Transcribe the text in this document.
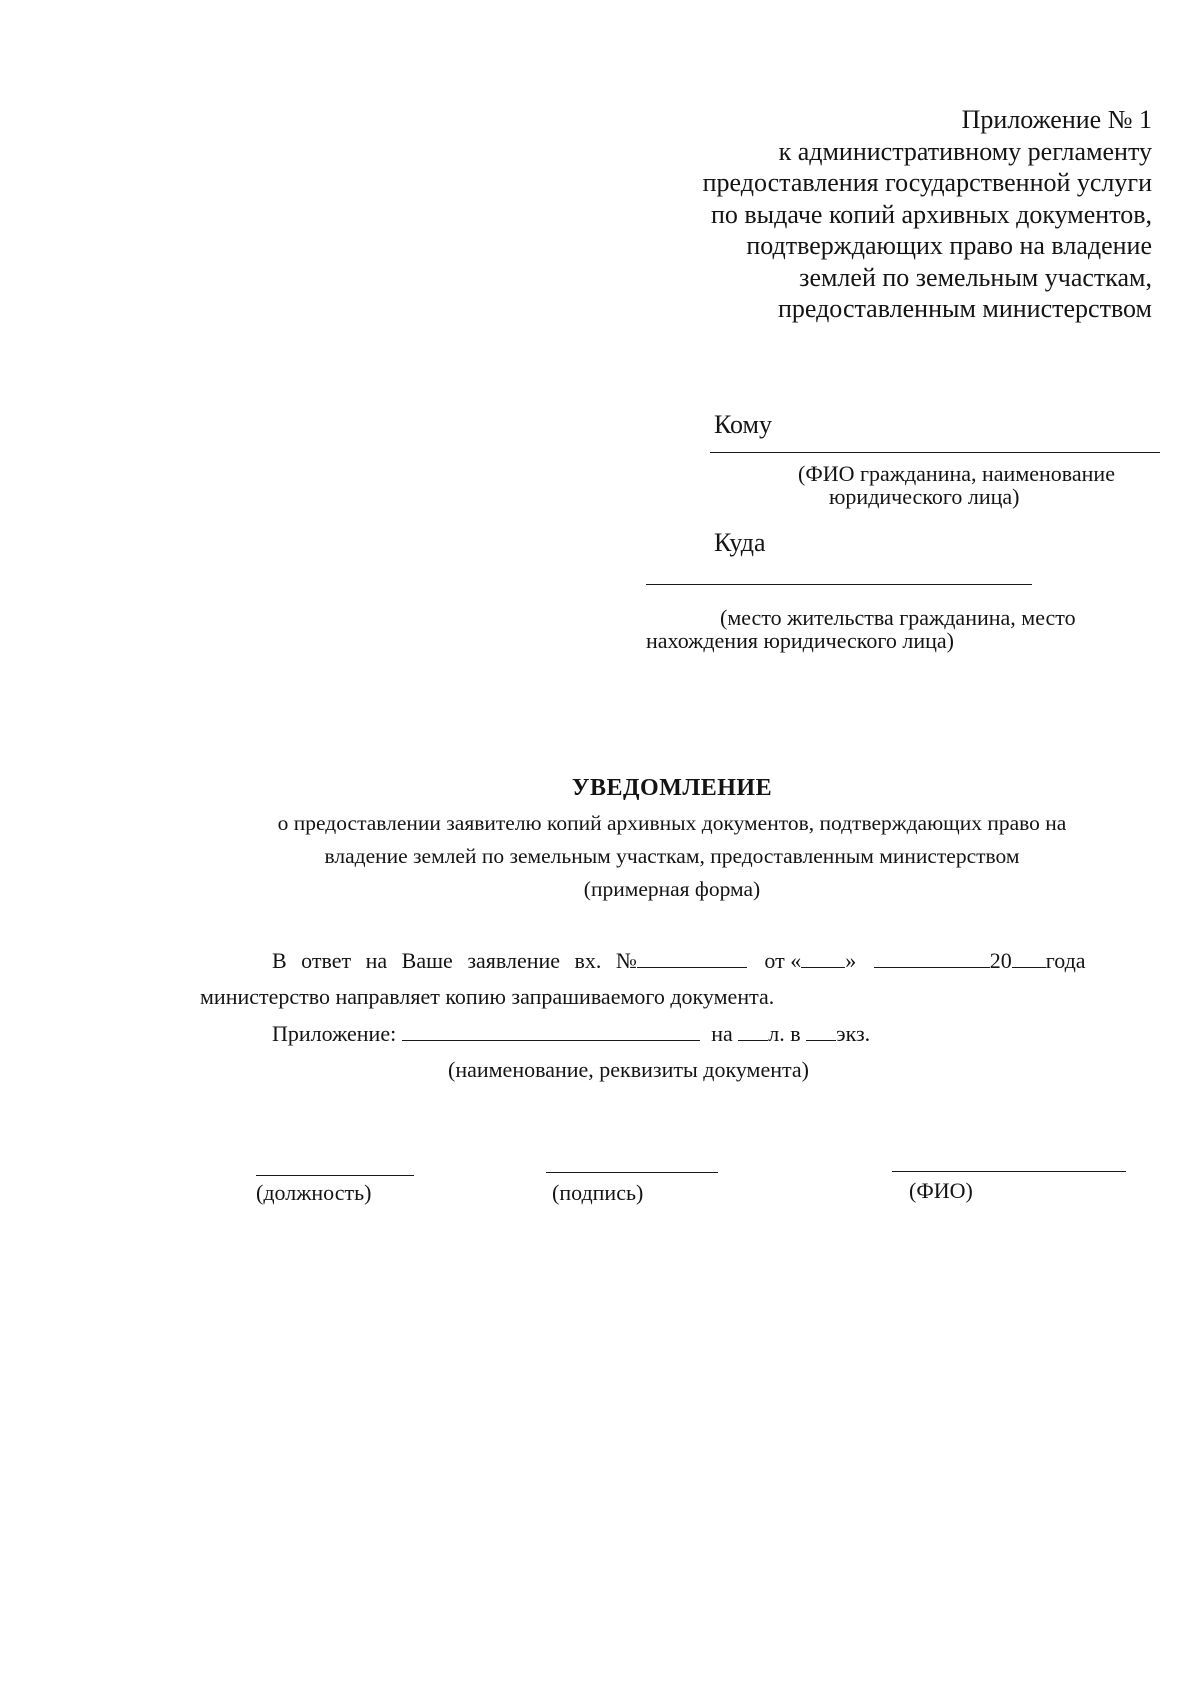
Приложение № 1
к административному регламенту
предоставления государственной услуги
по выдаче копий архивных документов,
подтверждающих право на владение
землей по земельным участкам,
предоставленным министерством
Кому
(ФИО гражданина, наименование
юридического лица)
Куда
(место жительства гражданина, место
нахождения юридического лица)
УВЕДОМЛЕНИЕ
о предоставлении заявителю копий архивных документов, подтверждающих право на
владение землей по земельным участкам, предоставленным министерством
(примерная форма)
В ответ на Ваше заявление вх. №	от « »	20 года
министерство направляет копию запрашиваемого документа.
Приложение:	на л. в экз.
(наименование, реквизиты документа)
(должность)	(подпись)	(ФИО)
